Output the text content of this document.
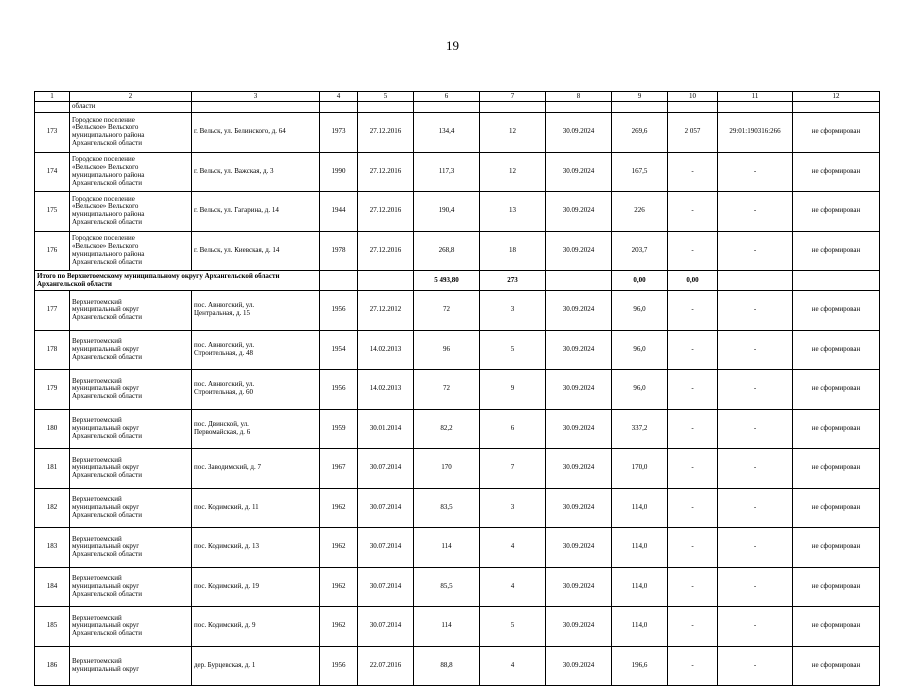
19
1	2	3	4	5	6	7	8	9	10	11	12
	области										
173	Городское поселение
«Вельское» Вельского
муниципального района
Архангельской области	г. Вельск, ул. Белинского, д. 64	1973	27.12.2016	134,4	12	30.09.2024	269,6	2 057	29:01:190316:266	не сформирован
174	Городское поселение
«Вельское» Вельского
муниципального района
Архангельской области	г. Вельск, ул. Важская, д. 3	1990	27.12.2016	117,3	12	30.09.2024	167,5	-	-	не сформирован
175	Городское поселение
«Вельское» Вельского
муниципального района
Архангельской области	г. Вельск, ул. Гагарина, д. 14	1944	27.12.2016	190,4	13	30.09.2024	226	-	-	не сформирован
176	Городское поселение
«Вельское» Вельского
муниципального района
Архангельской области	г. Вельск, ул. Киевская, д. 14	1978	27.12.2016	268,8	18	30.09.2024	203,7	-	-	не сформирован
Итого по Верхнетоемскому муниципальному округу Архангельской области Архангельской области					5 493,80	273		0,00	0,00		
177	Верхнетоемский
муниципальный округ
Архангельской области	пос. Авнюгский, ул.
Центральная, д. 15	1956	27.12.2012	72	3	30.09.2024	96,0	-	-	не сформирован
178	Верхнетоемский
муниципальный округ
Архангельской области	пос. Авнюгский, ул.
Строительная, д. 48	1954	14.02.2013	96	5	30.09.2024	96,0	-	-	не сформирован
179	Верхнетоемский
муниципальный округ
Архангельской области	пос. Авнюгский, ул.
Строительная, д. 60	1956	14.02.2013	72	9	30.09.2024	96,0	-	-	не сформирован
180	Верхнетоемский
муниципальный округ
Архангельской области	пос. Двинской, ул.
Первомайская, д. 6	1959	30.01.2014	82,2	6	30.09.2024	337,2	-	-	не сформирован
181	Верхнетоемский
муниципальный округ
Архангельской области	пос. Заводимский, д. 7	1967	30.07.2014	170	7	30.09.2024	170,0	-	-	не сформирован
182	Верхнетоемский
муниципальный округ
Архангельской области	пос. Кодимский, д. 11	1962	30.07.2014	83,5	3	30.09.2024	114,0	-	-	не сформирован
183	Верхнетоемский
муниципальный округ
Архангельской области	пос. Кодимский, д. 13	1962	30.07.2014	114	4	30.09.2024	114,0	-	-	не сформирован
184	Верхнетоемский
муниципальный округ
Архангельской области	пос. Кодимский, д. 19	1962	30.07.2014	85,5	4	30.09.2024	114,0	-	-	не сформирован
185	Верхнетоемский
муниципальный округ
Архангельской области	пос. Кодимский, д. 9	1962	30.07.2014	114	5	30.09.2024	114,0	-	-	не сформирован
186	Верхнетоемский
муниципальный округ	дер. Бурцевская, д. 1	1956	22.07.2016	88,8	4	30.09.2024	196,6	-	-	не сформирован
